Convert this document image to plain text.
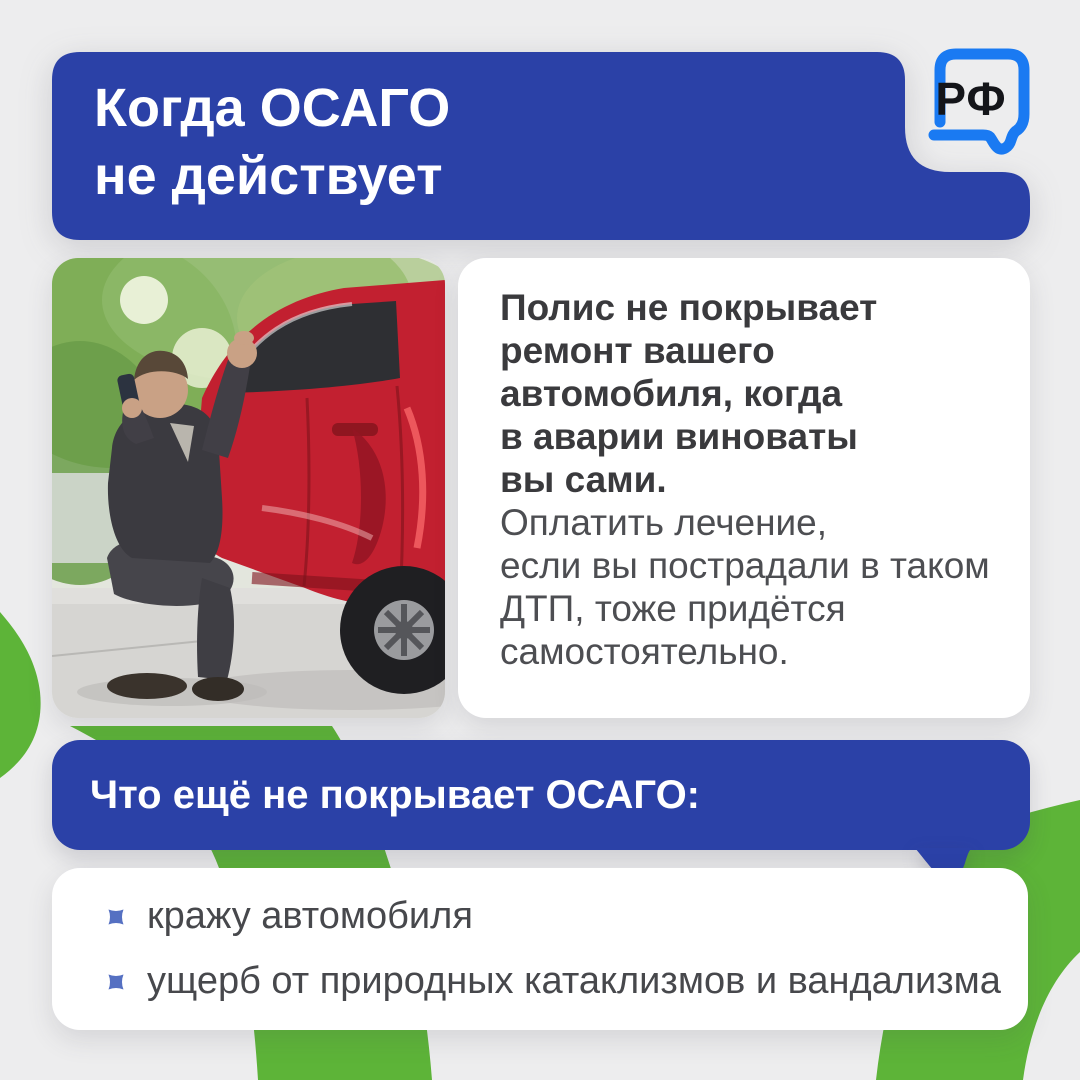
Когда ОСАГО
не действует
РФ
Полис не покрывает
ремонт вашего
автомобиля, когда
в аварии виноваты
вы сами.
Оплатить лечение,
если вы пострадали в таком
ДТП, тоже придётся
самостоятельно.
Что ещё не покрывает ОСАГО:
кражу автомобиля
ущерб от природных катаклизмов и вандализма
